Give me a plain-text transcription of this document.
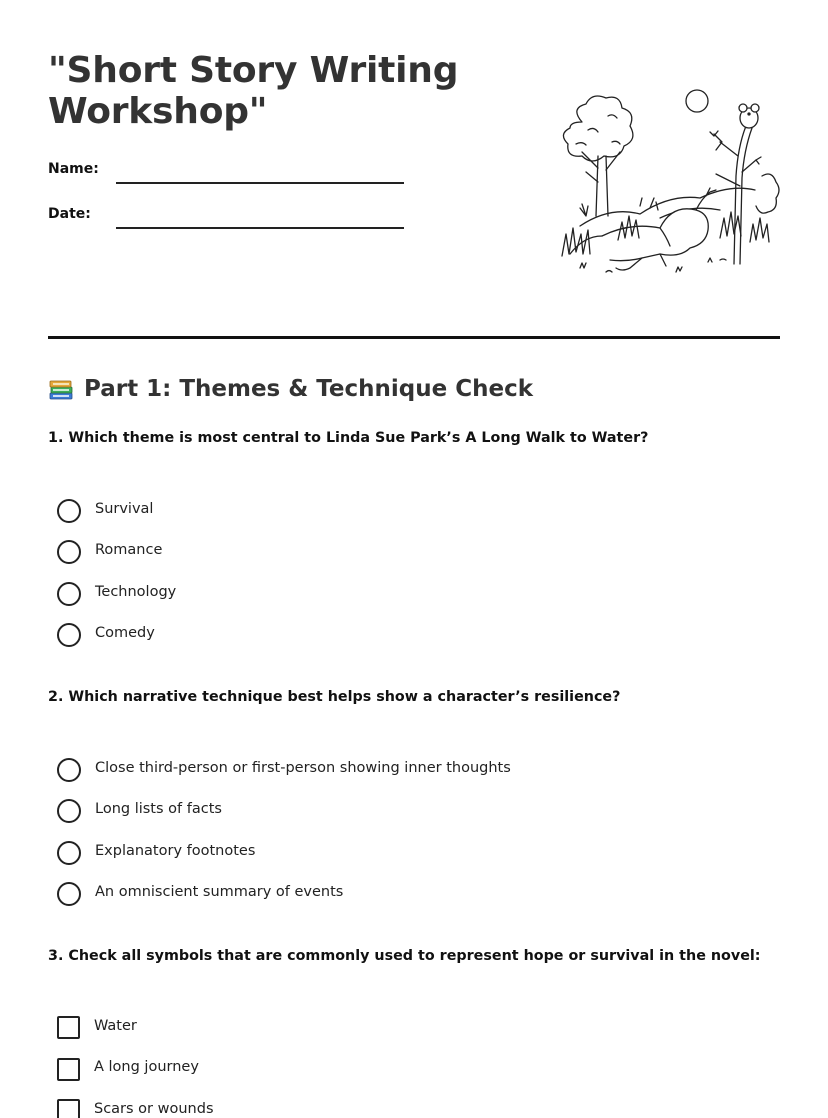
"Short Story Writing Workshop"
Name:
Date:
Part 1: Themes & Technique Check
1. Which theme is most central to Linda Sue Park’s A Long Walk to Water?
Survival
Romance
Technology
Comedy
2. Which narrative technique best helps show a character’s resilience?
Close third-person or first-person showing inner thoughts
Long lists of facts
Explanatory footnotes
An omniscient summary of events
3. Check all symbols that are commonly used to represent hope or survival in the novel:
Water
A long journey
Scars or wounds
